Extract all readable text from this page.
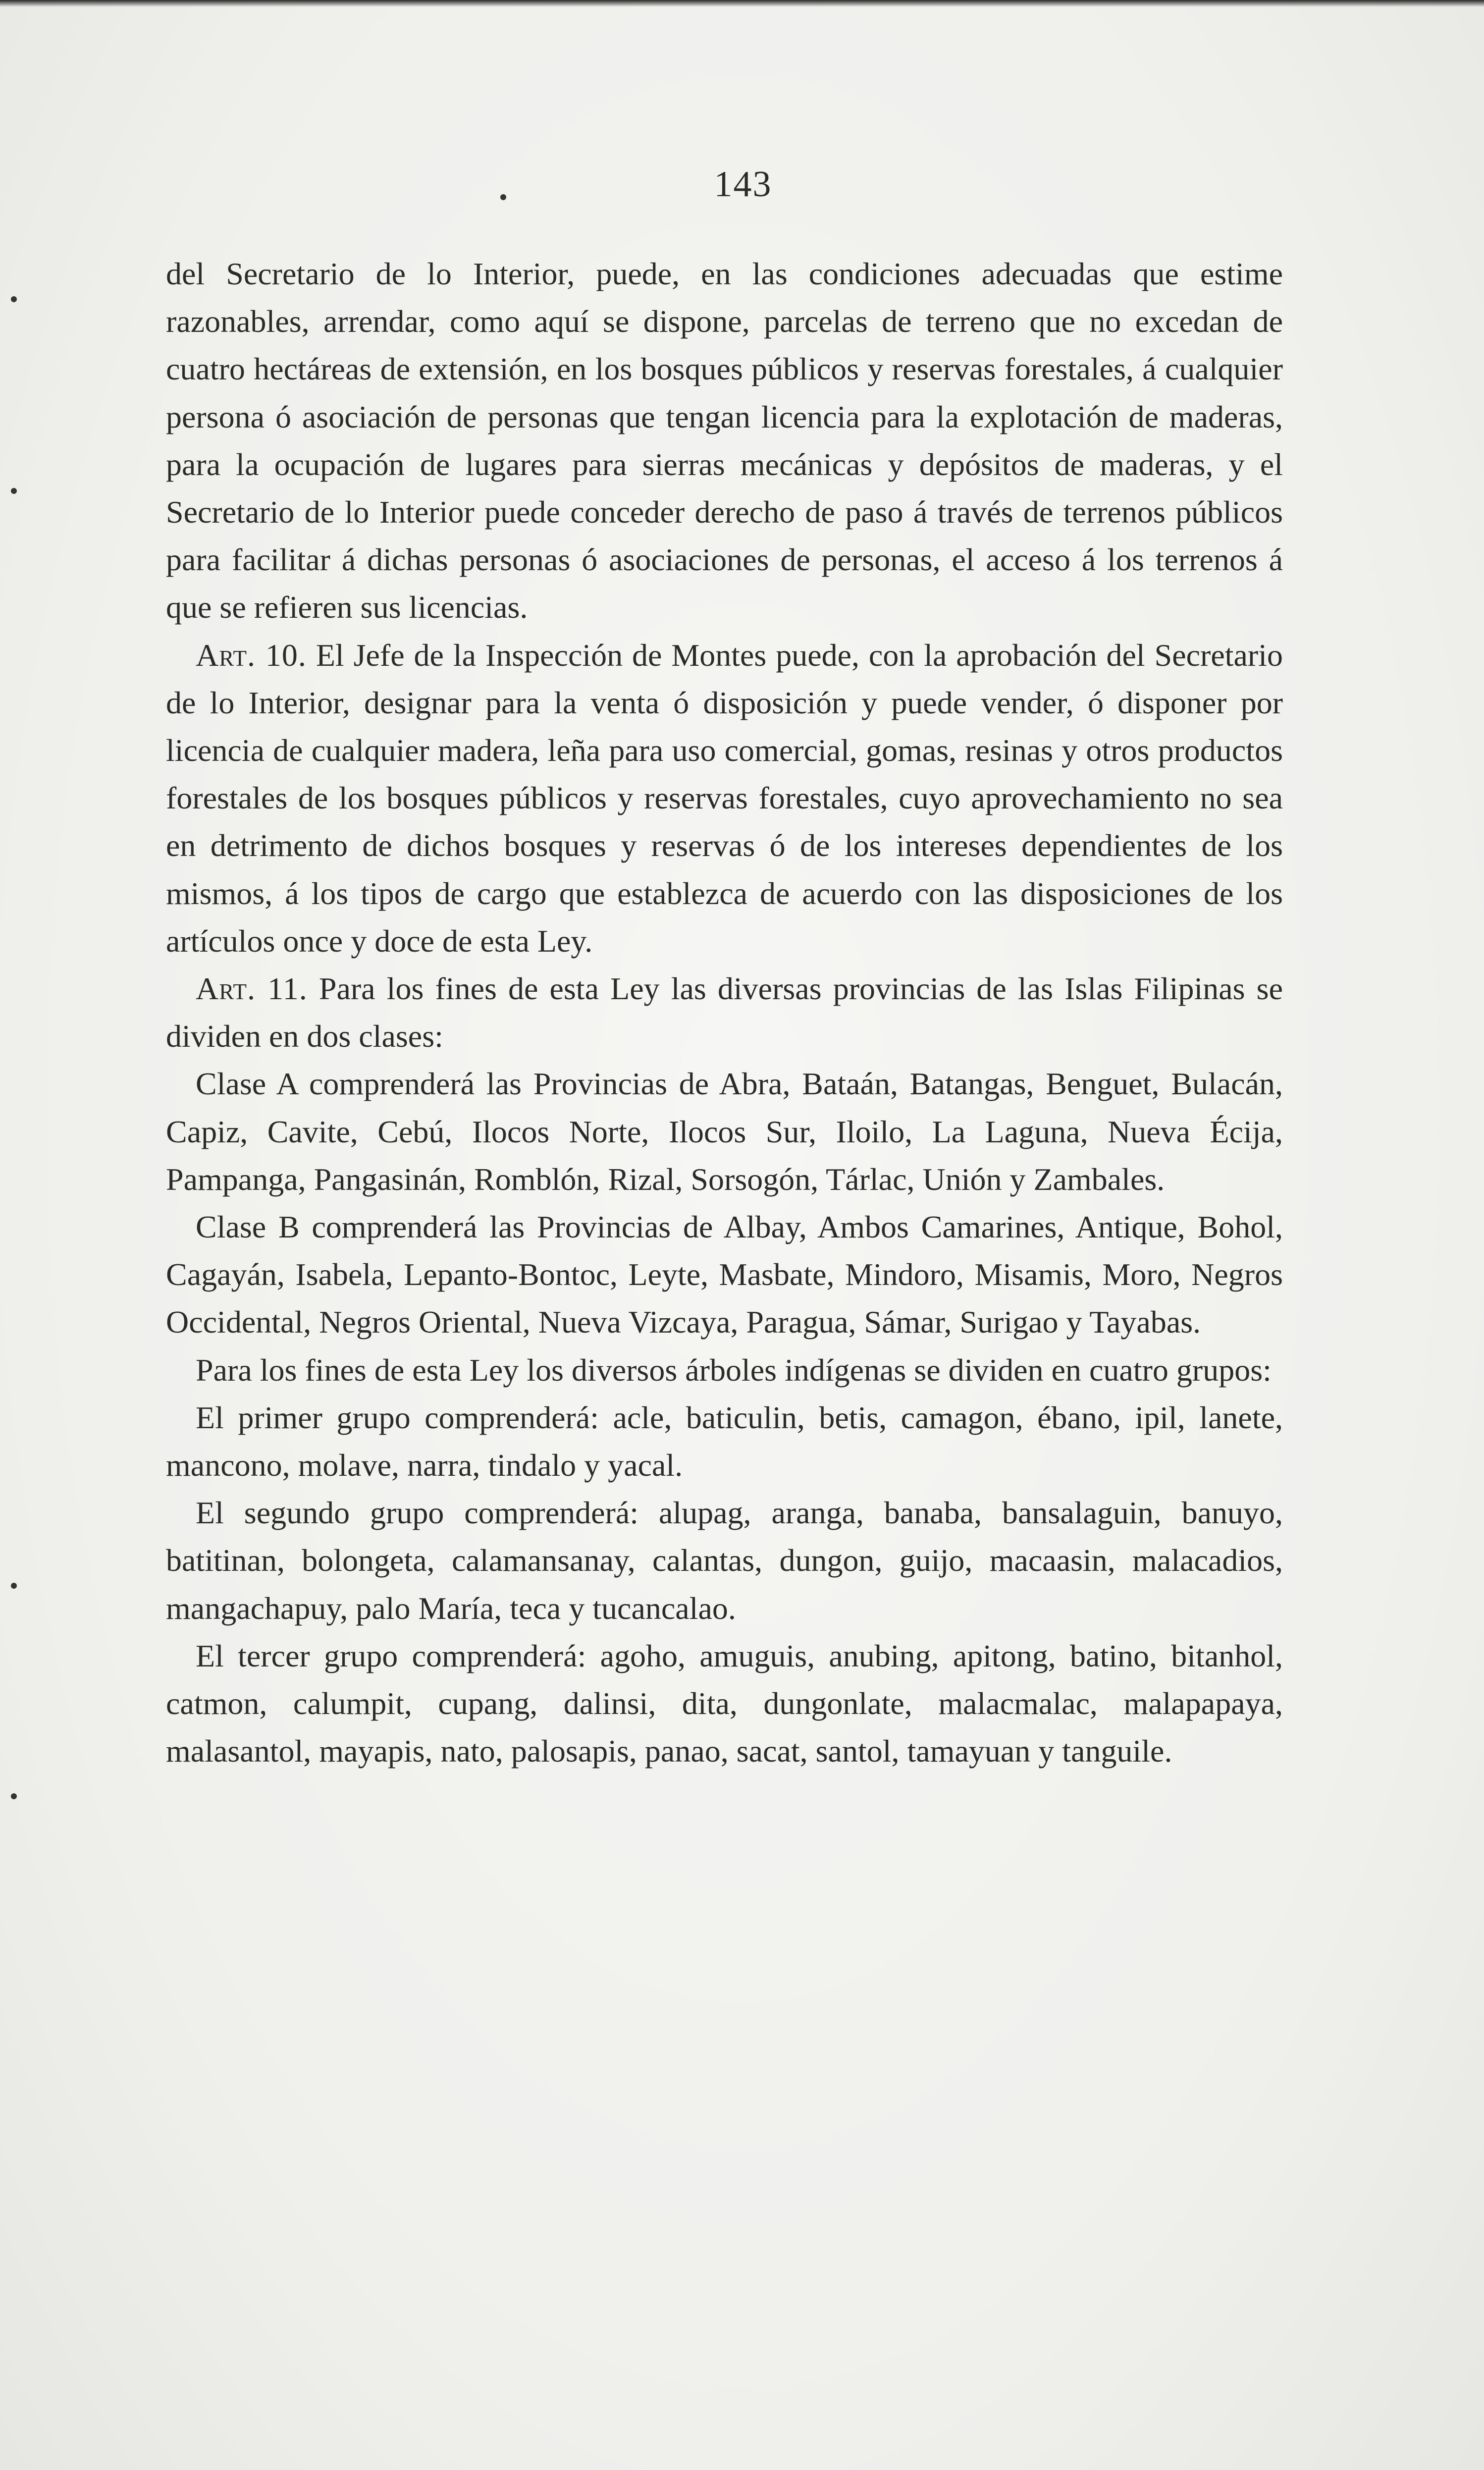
143

del Secretario de lo Interior, puede, en las condiciones adecuadas que estime razonables, arrendar, como aquí se dispone, parcelas de terreno que no excedan de cuatro hectáreas de extensión, en los bosques públicos y reservas forestales, á cualquier persona ó asociación de personas que tengan licencia para la explotación de maderas, para la ocupación de lugares para sierras mecánicas y depósitos de maderas, y el Secretario de lo Interior puede conceder derecho de paso á través de terrenos públicos para facilitar á dichas personas ó asociaciones de personas, el acceso á los terrenos á que se refieren sus licencias.

Art. 10. El Jefe de la Inspección de Montes puede, con la aprobación del Secretario de lo Interior, designar para la venta ó disposición y puede vender, ó disponer por licencia de cualquier madera, leña para uso comercial, gomas, resinas y otros productos forestales de los bosques públicos y reservas forestales, cuyo aprovechamiento no sea en detrimento de dichos bosques y reservas ó de los intereses dependientes de los mismos, á los tipos de cargo que establezca de acuerdo con las disposiciones de los artículos once y doce de esta Ley.

Art. 11. Para los fines de esta Ley las diversas provincias de las Islas Filipinas se dividen en dos clases:

Clase A comprenderá las Provincias de Abra, Bataán, Batangas, Benguet, Bulacán, Capiz, Cavite, Cebú, Ilocos Norte, Ilocos Sur, Iloilo, La Laguna, Nueva Écija, Pampanga, Pangasinán, Romblón, Rizal, Sorsogón, Tárlac, Unión y Zambales.

Clase B comprenderá las Provincias de Albay, Ambos Camarines, Antique, Bohol, Cagayán, Isabela, Lepanto-Bontoc, Leyte, Masbate, Mindoro, Misamis, Moro, Negros Occidental, Negros Oriental, Nueva Vizcaya, Paragua, Sámar, Surigao y Tayabas.

Para los fines de esta Ley los diversos árboles indígenas se dividen en cuatro grupos:

El primer grupo comprenderá: acle, baticulin, betis, camagon, ébano, ipil, lanete, mancono, molave, narra, tindalo y yacal.

El segundo grupo comprenderá: alupag, aranga, banaba, bansalaguin, banuyo, batitinan, bolongeta, calamansanay, calantas, dungon, guijo, macaasin, malacadios, mangachapuy, palo María, teca y tucancalao.

El tercer grupo comprenderá: agoho, amuguis, anubing, apitong, batino, bitanhol, catmon, calumpit, cupang, dalinsi, dita, dungonlate, malacmalac, malapapaya, malasantol, mayapis, nato, palosapis, panao, sacat, santol, tamayuan y tanguile.
